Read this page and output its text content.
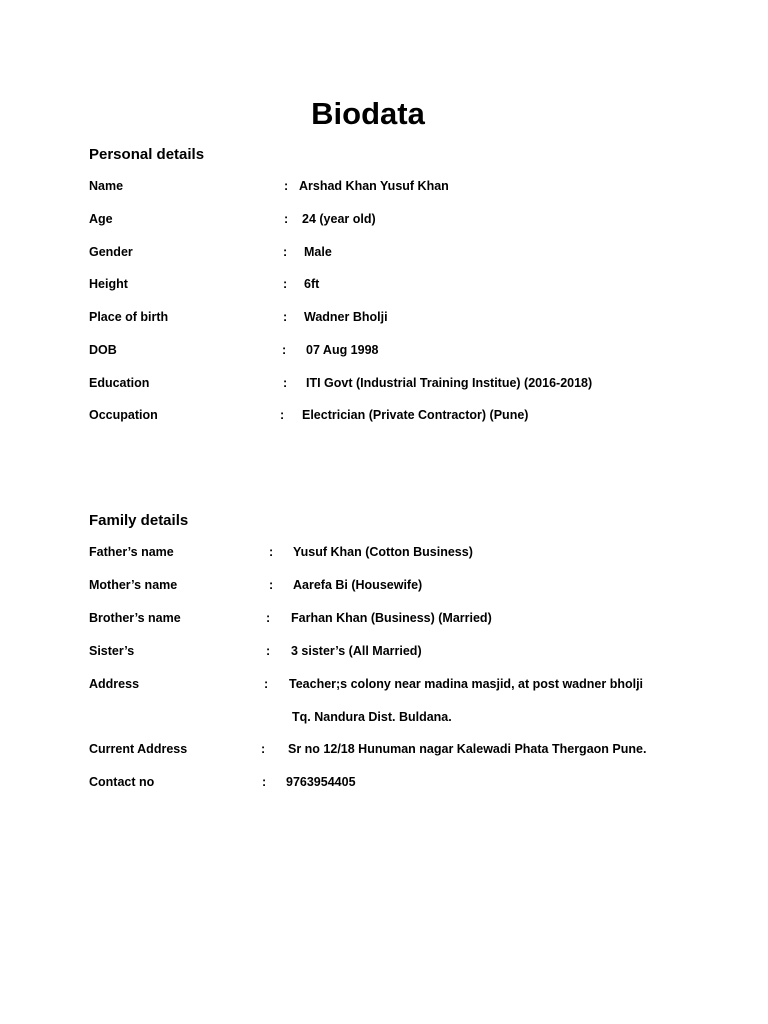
Biodata
Personal details
Name	: Arshad Khan Yusuf Khan
Age	: 24 (year old)
Gender	: Male
Height	: 6ft
Place of birth	: Wadner Bholji
DOB	: 07 Aug 1998
Education	: ITI Govt (Industrial Training Institue) (2016-2018)
Occupation	: Electrician (Private Contractor) (Pune)
Family details
Father’s name	: Yusuf Khan (Cotton Business)
Mother’s name	: Aarefa Bi (Housewife)
Brother’s name	: Farhan Khan (Business) (Married)
Sister’s	: 3 sister’s (All Married)
Address	: Teacher;s colony near madina masjid, at post wadner bholji
Tq. Nandura Dist. Buldana.
Current Address	: Sr no 12/18 Hunuman nagar Kalewadi Phata Thergaon Pune.
Contact no	: 9763954405
